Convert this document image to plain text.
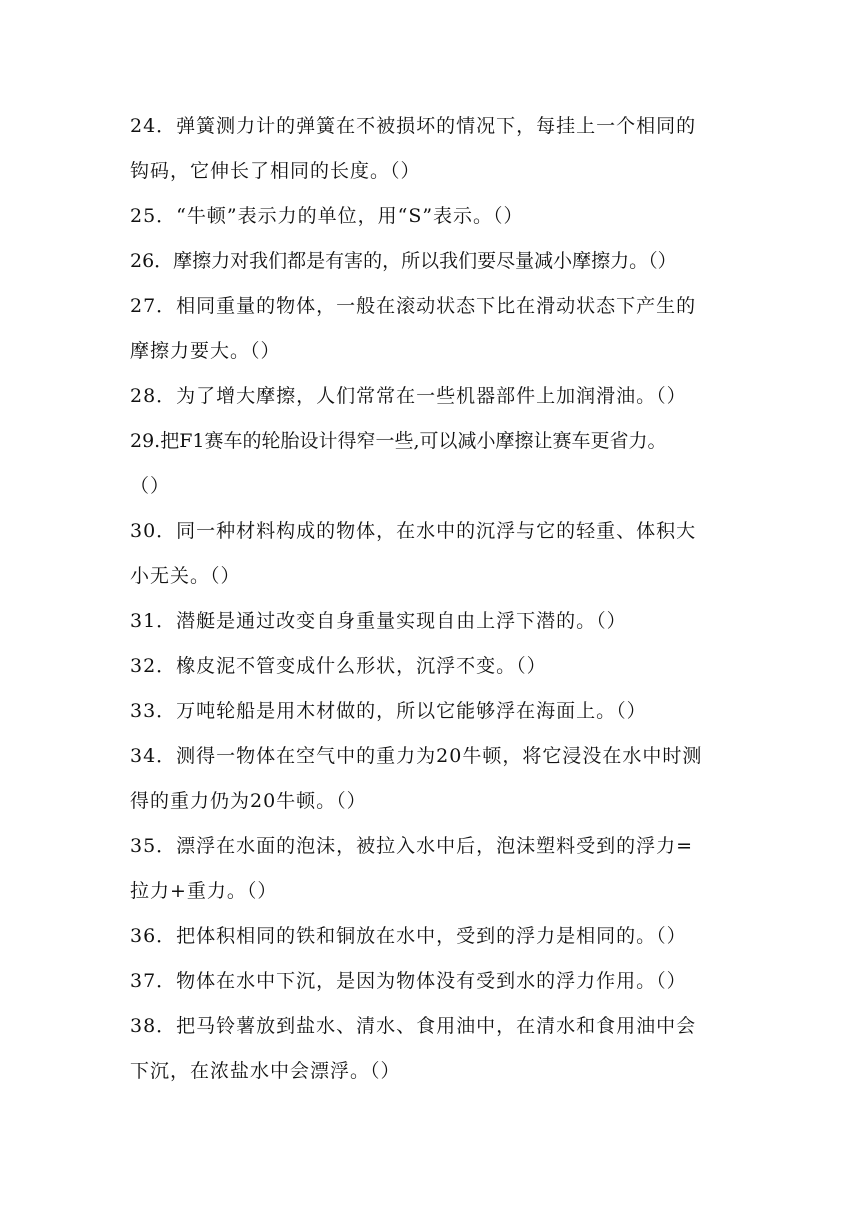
24．弹簧测力计的弹簧在不被损坏的情况下，每挂上一个相同的
钩码，它伸长了相同的长度。（）
25．“牛顿”表示力的单位，用“S”表示。（）
26．摩擦力对我们都是有害的，所以我们要尽量减小摩擦力。（）
27．相同重量的物体，一般在滚动状态下比在滑动状态下产生的
摩擦力要大。（）
28．为了增大摩擦，人们常常在一些机器部件上加润滑油。（）
29.把F1赛车的轮胎设计得窄一些,可以减小摩擦让赛车更省力。
（）
30．同一种材料构成的物体，在水中的沉浮与它的轻重、体积大
小无关。（）
31．潜艇是通过改变自身重量实现自由上浮下潜的。（）
32．橡皮泥不管变成什么形状，沉浮不变。（）
33．万吨轮船是用木材做的，所以它能够浮在海面上。（）
34．测得一物体在空气中的重力为20牛顿，将它浸没在水中时测
得的重力仍为20牛顿。（）
35．漂浮在水面的泡沫，被拉入水中后，泡沫塑料受到的浮力=
拉力+重力。（）
36．把体积相同的铁和铜放在水中，受到的浮力是相同的。（）
37．物体在水中下沉，是因为物体没有受到水的浮力作用。（）
38．把马铃薯放到盐水、清水、食用油中，在清水和食用油中会
下沉，在浓盐水中会漂浮。（）
